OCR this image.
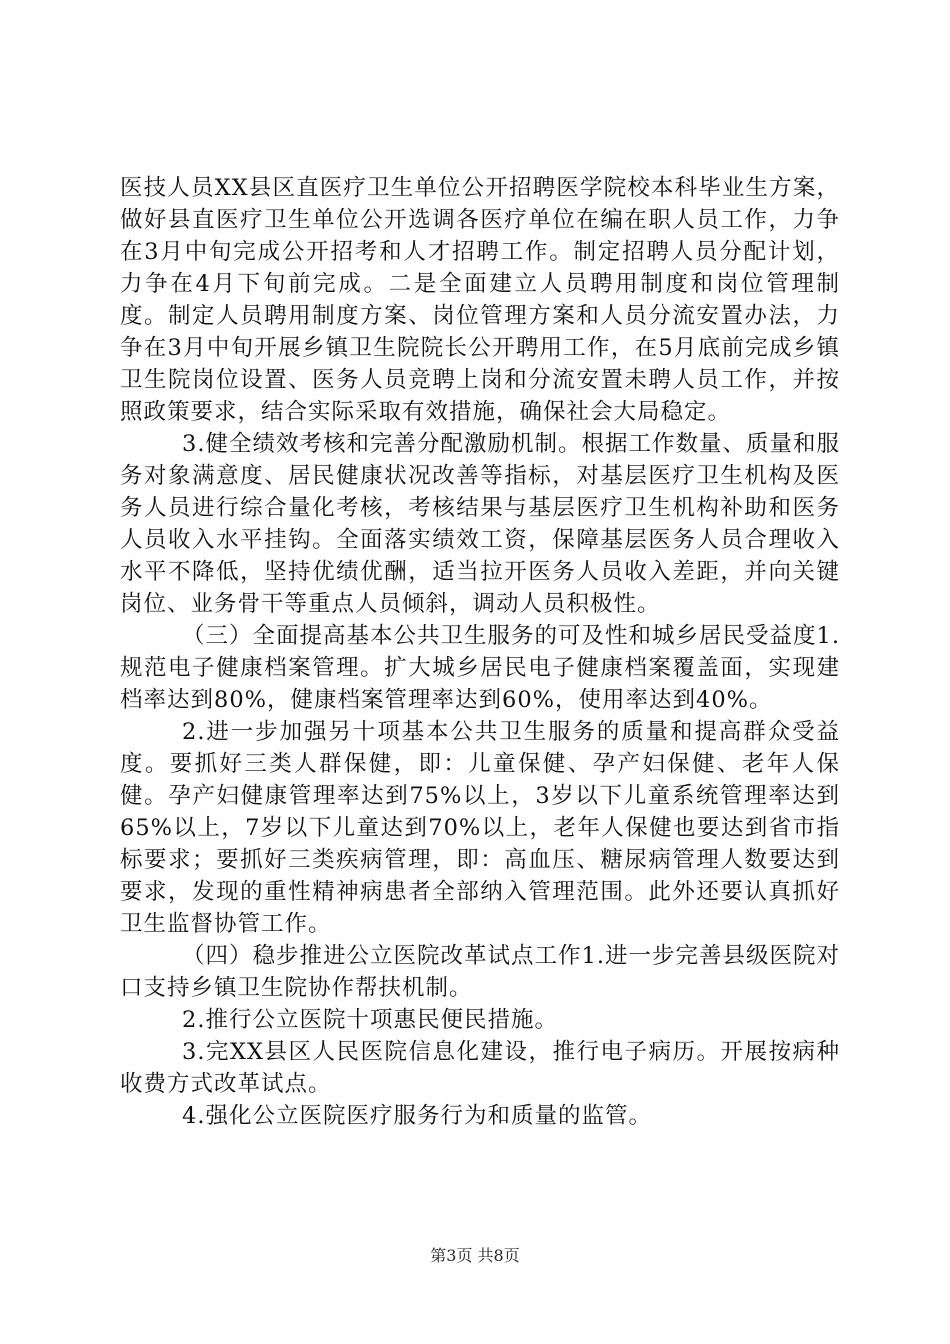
医技人员XX县区直医疗卫生单位公开招聘医学院校本科毕业生方案，做好县直医疗卫生单位公开选调各医疗单位在编在职人员工作，力争在3月中旬完成公开招考和人才招聘工作。制定招聘人员分配计划，力争在4月下旬前完成。二是全面建立人员聘用制度和岗位管理制度。制定人员聘用制度方案、岗位管理方案和人员分流安置办法，力争在3月中旬开展乡镇卫生院院长公开聘用工作，在5月底前完成乡镇卫生院岗位设置、医务人员竞聘上岗和分流安置未聘人员工作，并按照政策要求，结合实际采取有效措施，确保社会大局稳定。

3.健全绩效考核和完善分配激励机制。根据工作数量、质量和服务对象满意度、居民健康状况改善等指标，对基层医疗卫生机构及医务人员进行综合量化考核，考核结果与基层医疗卫生机构补助和医务人员收入水平挂钩。全面落实绩效工资，保障基层医务人员合理收入水平不降低，坚持优绩优酬，适当拉开医务人员收入差距，并向关键岗位、业务骨干等重点人员倾斜，调动人员积极性。

（三）全面提高基本公共卫生服务的可及性和城乡居民受益度1.规范电子健康档案管理。扩大城乡居民电子健康档案覆盖面，实现建档率达到80%，健康档案管理率达到60%，使用率达到40%。

2.进一步加强另十项基本公共卫生服务的质量和提高群众受益度。要抓好三类人群保健，即：儿童保健、孕产妇保健、老年人保健。孕产妇健康管理率达到75%以上，3岁以下儿童系统管理率达到65%以上，7岁以下儿童达到70%以上，老年人保健也要达到省市指标要求；要抓好三类疾病管理，即：高血压、糖尿病管理人数要达到要求，发现的重性精神病患者全部纳入管理范围。此外还要认真抓好卫生监督协管工作。

（四）稳步推进公立医院改革试点工作1.进一步完善县级医院对口支持乡镇卫生院协作帮扶机制。

2.推行公立医院十项惠民便民措施。

3.完XX县区人民医院信息化建设，推行电子病历。开展按病种收费方式改革试点。

4.强化公立医院医疗服务行为和质量的监管。

第3页 共8页
